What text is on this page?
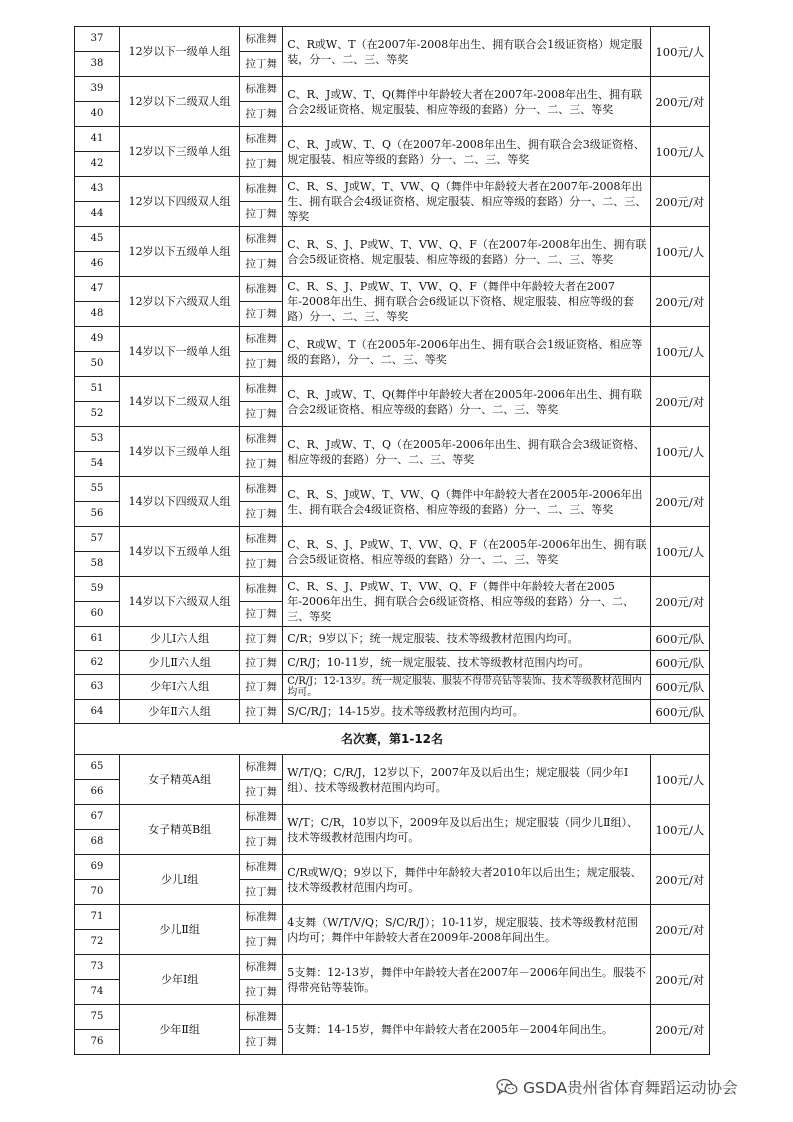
37	12岁以下一级单人组	标准舞	C、R或W、T（在2007年-2008年出生、拥有联合会1级证资格）规定服装，分一、二、三、等奖	100元/人
38		拉丁舞		
39	12岁以下二级双人组	标准舞	C、R、J或W、T、Q(舞伴中年龄较大者在2007年-2008年出生、拥有联合会2级证资格、规定服装、相应等级的套路）分一、二、三、等奖	200元/对
40		拉丁舞		
41	12岁以下三级单人组	标准舞	C、R、J或W、T、Q（在2007年-2008年出生、拥有联合会3级证资格、规定服装、相应等级的套路）分一、二、三、等奖	100元/人
42		拉丁舞		
43	12岁以下四级双人组	标准舞	C、R、S、J或W、T、VW、Q（舞伴中年龄较大者在2007年-2008年出生、拥有联合会4级证资格、规定服装、相应等级的套路）分一、二、三、等奖	200元/对
44		拉丁舞		
45	12岁以下五级单人组	标准舞	C、R、S、J、P或W、T、VW、Q、F（在2007年-2008年出生、拥有联合会5级证资格、规定服装、相应等级的套路）分一、二、三、等奖	100元/人
46		拉丁舞		
47	12岁以下六级双人组	标准舞	C、R、S、J、P或W、T、VW、Q、F（舞伴中年龄较大者在2007年-2008年出生、拥有联合会6级证以下资格、规定服装、相应等级的套路）分一、二、三、等奖	200元/对
48		拉丁舞		
49	14岁以下一级单人组	标准舞	C、R或W、T（在2005年-2006年出生、拥有联合会1级证资格、相应等级的套路），分一、二、三、等奖	100元/人
50		拉丁舞		
51	14岁以下二级双人组	标准舞	C、R、J或W、T、Q(舞伴中年龄较大者在2005年-2006年出生、拥有联合会2级证资格、相应等级的套路）分一、二、三、等奖	200元/对
52		拉丁舞		
53	14岁以下三级单人组	标准舞	C、R、J或W、T、Q（在2005年-2006年出生、拥有联合会3级证资格、相应等级的套路）分一、二、三、等奖	100元/人
54		拉丁舞		
55	14岁以下四级双人组	标准舞	C、R、S、J或W、T、VW、Q（舞伴中年龄较大者在2005年-2006年出生、拥有联合会4级证资格、相应等级的套路）分一、二、三、等奖	200元/对
56		拉丁舞		
57	14岁以下五级单人组	标准舞	C、R、S、J、P或W、T、VW、Q、F（在2005年-2006年出生、拥有联合会5级证资格、相应等级的套路）分一、二、三、等奖	100元/人
58		拉丁舞		
59	14岁以下六级双人组	标准舞	C、R、S、J、P或W、T、VW、Q、F（舞伴中年龄较大者在2005年-2006年出生、拥有联合会6级证资格、相应等级的套路）分一、二、三、等奖	200元/对
60		拉丁舞		
61	少儿Ⅰ六人组	拉丁舞	C/R；9岁以下；统一规定服装、技术等级教材范围内均可。	600元/队
62	少儿Ⅱ六人组	拉丁舞	C/R/J；10-11岁，统一规定服装、技术等级教材范围内均可。	600元/队
63	少年Ⅰ六人组	拉丁舞	C/R/J；12-13岁。统一规定服装、服装不得带亮钻等装饰、技术等级教材范围内均可。	600元/队
64	少年Ⅱ六人组	拉丁舞	S/C/R/J；14-15岁。技术等级教材范围内均可。	600元/队
名次赛，第1-12名				
65	女子精英A组	标准舞	W/T/Q；C/R/J，12岁以下，2007年及以后出生；规定服装（同少年Ⅰ组）、技术等级教材范围内均可。	100元/人
66		拉丁舞		
67	女子精英B组	标准舞	W/T；C/R，10岁以下，2009年及以后出生；规定服装（同少儿Ⅱ组）、技术等级教材范围内均可。	100元/人
68		拉丁舞		
69	少儿Ⅰ组	标准舞	C/R或W/Q；9岁以下，舞伴中年龄较大者2010年以后出生；规定服装、技术等级教材范围内均可。	200元/对
70		拉丁舞		
71	少儿Ⅱ组	标准舞	4支舞（W/T/V/Q；S/C/R/J）；10-11岁，规定服装、技术等级教材范围内均可；舞伴中年龄较大者在2009年-2008年间出生。	200元/对
72		拉丁舞		
73	少年Ⅰ组	标准舞	5支舞：12-13岁，舞伴中年龄较大者在2007年－2006年间出生。服装不得带亮钻等装饰。	200元/对
74		拉丁舞		
75	少年Ⅱ组	标准舞	5支舞：14-15岁，舞伴中年龄较大者在2005年－2004年间出生。	200元/对
76		拉丁舞		
GSDA贵州省体育舞蹈运动协会
